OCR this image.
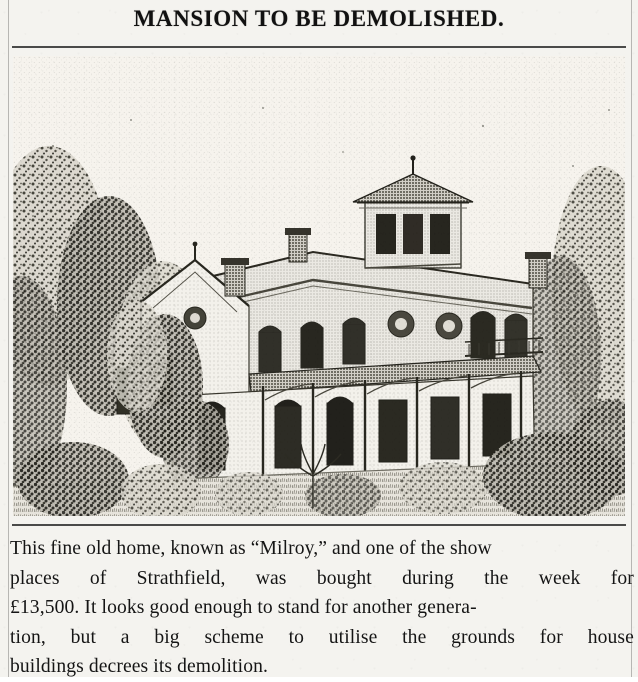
MANSION TO BE DEMOLISHED.
This fine old home, known as “Milroy,” and one of the show
places of Strathfield, was bought during the week for
£13,500. It looks good enough to stand for another genera-
tion, but a big scheme to utilise the grounds for house
buildings decrees its demolition.
